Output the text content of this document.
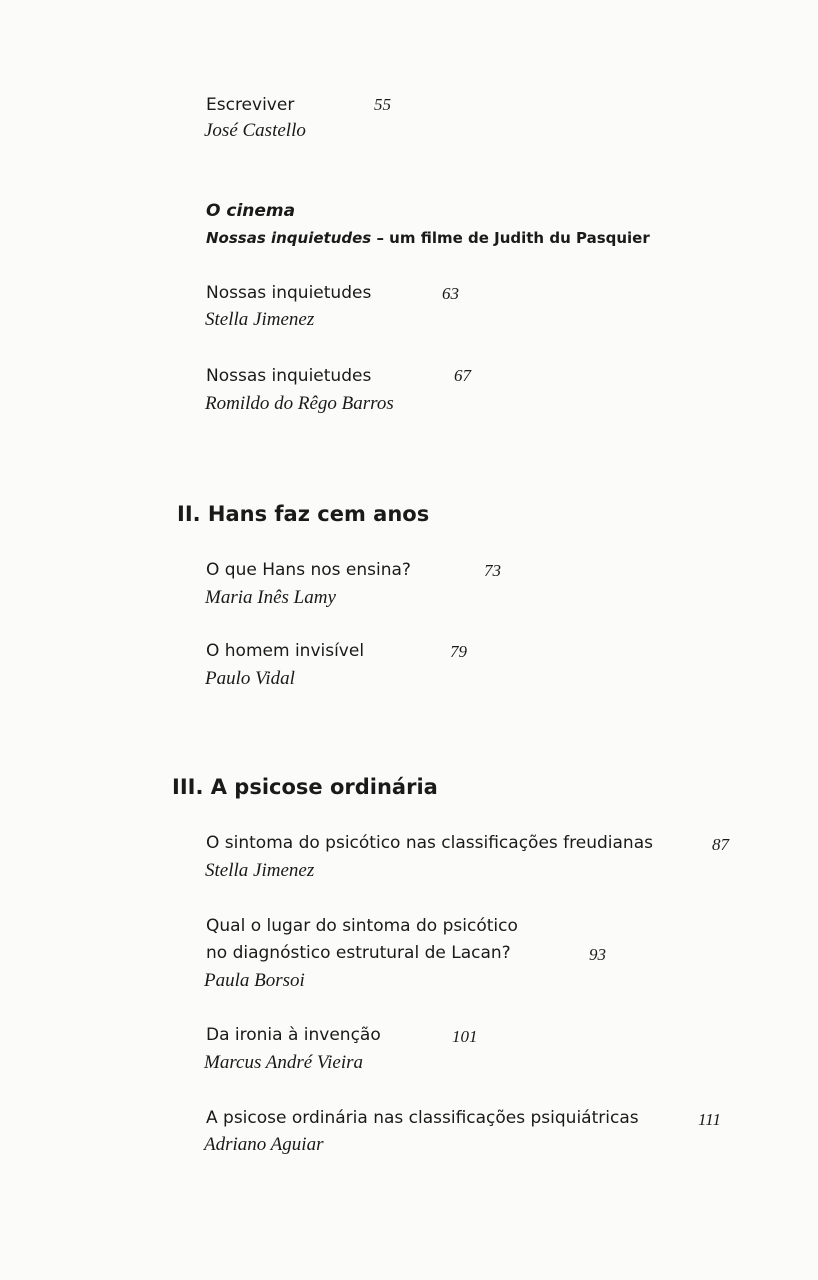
Escreviver	55
José Castello
O cinema
Nossas inquietudes – um filme de Judith du Pasquier
Nossas inquietudes	63
Stella Jimenez
Nossas inquietudes	67
Romildo do Rêgo Barros
II. Hans faz cem anos
O que Hans nos ensina?	73
Maria Inês Lamy
O homem invisível	79
Paulo Vidal
III. A psicose ordinária
O sintoma do psicótico nas classificações freudianas	87
Stella Jimenez
Qual o lugar do sintoma do psicótico
no diagnóstico estrutural de Lacan?	93
Paula Borsoi
Da ironia à invenção	101
Marcus André Vieira
A psicose ordinária nas classificações psiquiátricas	111
Adriano Aguiar
